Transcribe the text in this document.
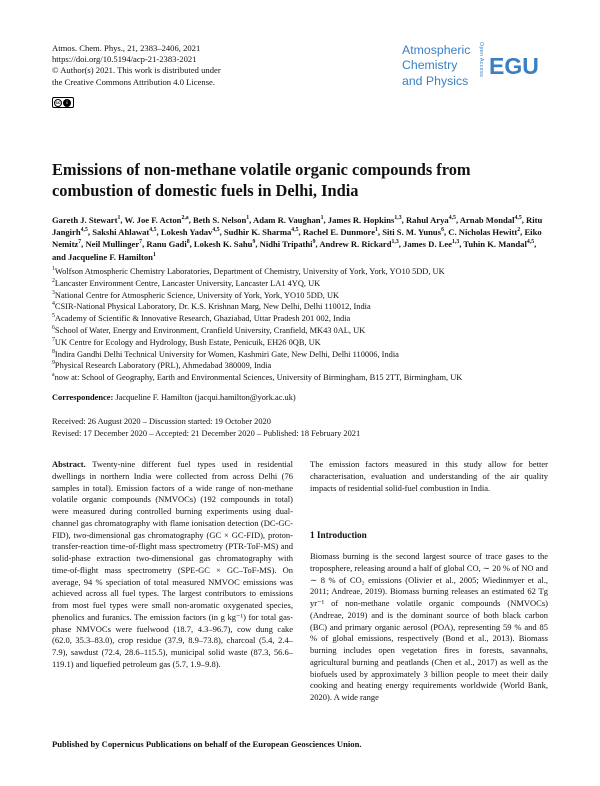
Atmos. Chem. Phys., 21, 2383–2406, 2021
https://doi.org/10.5194/acp-21-2383-2021
© Author(s) 2021. This work is distributed under
the Creative Commons Attribution 4.0 License.
cc	i
Atmospheric
Chemistry
and Physics
Open Access EGU
Emissions of non-methane volatile organic compounds from combustion of domestic fuels in Delhi, India
Gareth J. Stewart$^1$, W. Joe F. Acton$^{2,a}$, Beth S. Nelson$^1$, Adam R. Vaughan$^1$, James R. Hopkins$^{1,3}$, Rahul Arya$^{4,5}$, Arnab Mondal$^{4,5}$, Ritu Jangirh$^{4,5}$, Sakshi Ahlawat$^{4,5}$, Lokesh Yadav$^{4,5}$, Sudhir K. Sharma$^{4,5}$, Rachel E. Dunmore$^1$, Siti S. M. Yunus$^6$, C. Nicholas Hewitt$^2$, Eiko Nemitz$^7$, Neil Mullinger$^7$, Ranu Gadi$^8$, Lokesh K. Sahu$^9$, Nidhi Tripathi$^9$, Andrew R. Rickard$^{1,3}$, James D. Lee$^{1,3}$, Tuhin K. Mandal$^{4,5}$, and Jacqueline F. Hamilton$^1$
$^1$Wolfson Atmospheric Chemistry Laboratories, Department of Chemistry, University of York, York, YO10 5DD, UK
$^2$Lancaster Environment Centre, Lancaster University, Lancaster LA1 4YQ, UK
$^3$National Centre for Atmospheric Science, University of York, York, YO10 5DD, UK
$^4$CSIR-National Physical Laboratory, Dr. K.S. Krishnan Marg, New Delhi, Delhi 110012, India
$^5$Academy of Scientific & Innovative Research, Ghaziabad, Uttar Pradesh 201 002, India
$^6$School of Water, Energy and Environment, Cranfield University, Cranfield, MK43 0AL, UK
$^7$UK Centre for Ecology and Hydrology, Bush Estate, Penicuik, EH26 0QB, UK
$^8$Indira Gandhi Delhi Technical University for Women, Kashmiri Gate, New Delhi, Delhi 110006, India
$^9$Physical Research Laboratory (PRL), Ahmedabad 380009, India
$^a$now at: School of Geography, Earth and Environmental Sciences, University of Birmingham, B15 2TT, Birmingham, UK
Correspondence: Jacqueline F. Hamilton (jacqui.hamilton@york.ac.uk)
Received: 26 August 2020 – Discussion started: 19 October 2020
Revised: 17 December 2020 – Accepted: 21 December 2020 – Published: 18 February 2021
Abstract. Twenty-nine different fuel types used in residential dwellings in northern India were collected from across Delhi (76 samples in total). Emission factors of a wide range of non-methane volatile organic compounds (NMVOCs) (192 compounds in total) were measured during controlled burning experiments using dual-channel gas chromatography with flame ionisation detection (DC-GC-FID), two-dimensional gas chromatography (GC × GC-FID), proton-transfer-reaction time-of-flight mass spectrometry (PTR-ToF-MS) and solid-phase extraction two-dimensional gas chromatography with time-of-flight mass spectrometry (SPE-GC × GC–ToF-MS). On average, 94 % speciation of total measured NMVOC emissions was achieved across all fuel types. The largest contributors to emissions from most fuel types were small non-aromatic oxygenated species, phenolics and furanics. The emission factors (in g kg⁻¹) for total gas-phase NMVOCs were fuelwood (18.7, 4.3–96.7), cow dung cake (62.0, 35.3–83.0), crop residue (37.9, 8.9–73.8), charcoal (5.4, 2.4–7.9), sawdust (72.4, 28.6–115.5), municipal solid waste (87.3, 56.6–119.1) and liquefied petroleum gas (5.7, 1.9–9.8).
The emission factors measured in this study allow for better characterisation, evaluation and understanding of the air quality impacts of residential solid-fuel combustion in India.
1 Introduction
Biomass burning is the second largest source of trace gases to the troposphere, releasing around a half of global CO, ∼ 20 % of NO and ∼ 8 % of CO₂ emissions (Olivier et al., 2005; Wiedinmyer et al., 2011; Andreae, 2019). Biomass burning releases an estimated 62 Tg yr⁻¹ of non-methane volatile organic compounds (NMVOCs) (Andreae, 2019) and is the dominant source of both black carbon (BC) and primary organic aerosol (POA), representing 59 % and 85 % of global emissions, respectively (Bond et al., 2013). Biomass burning includes open vegetation fires in forests, savannahs, agricultural burning and peatlands (Chen et al., 2017) as well as the biofuels used by approximately 3 billion people to meet their daily cooking and heating energy requirements worldwide (World Bank, 2020). A wide range
Published by Copernicus Publications on behalf of the European Geosciences Union.
